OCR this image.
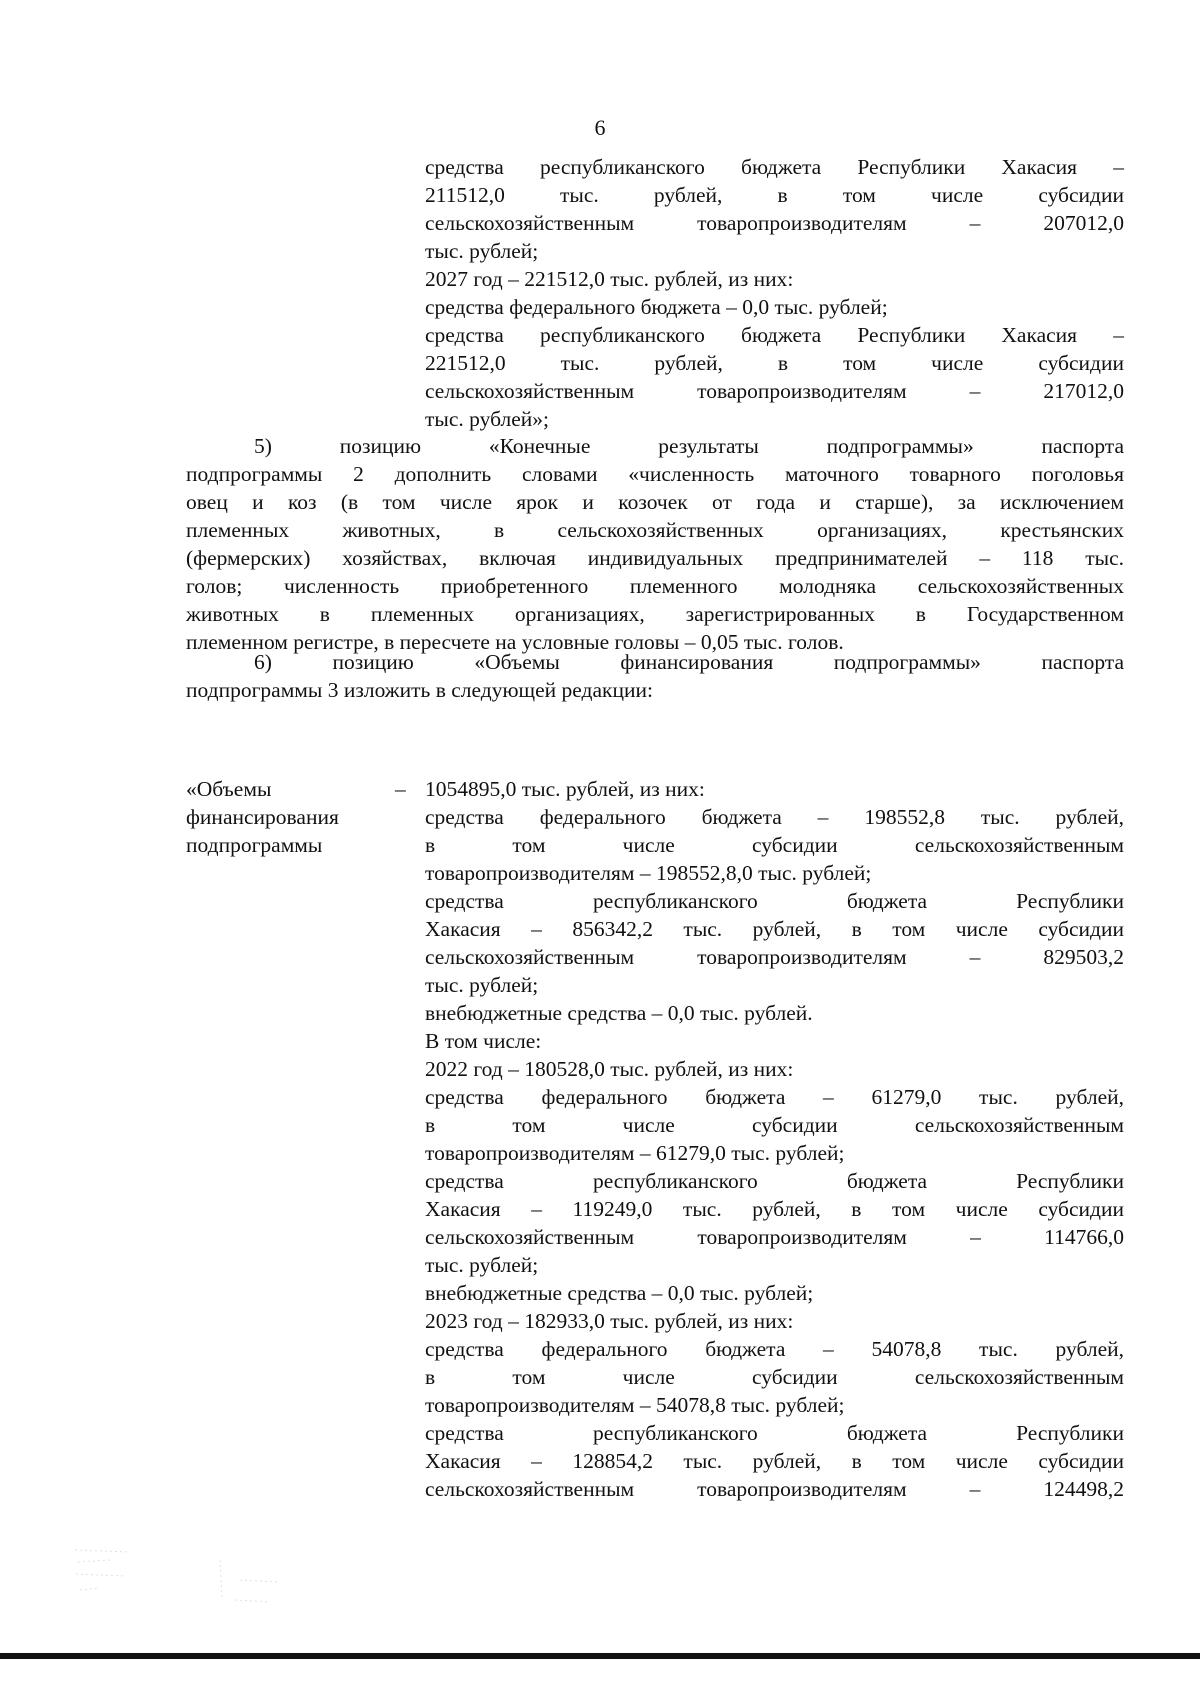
6
средства республиканского бюджета Республики Хакасия –
211512,0 тыс. рублей, в том числе субсидии
сельскохозяйственным товаропроизводителям – 207012,0
тыс. рублей;
2027 год – 221512,0 тыс. рублей, из них:
средства федерального бюджета – 0,0 тыс. рублей;
средства республиканского бюджета Республики Хакасия –
221512,0 тыс. рублей, в том числе субсидии
сельскохозяйственным товаропроизводителям – 217012,0
тыс. рублей»;
5) позицию «Конечные результаты подпрограммы» паспорта
подпрограммы 2 дополнить словами «численность маточного товарного поголовья
овец и коз (в том числе ярок и козочек от года и старше), за исключением
племенных животных, в сельскохозяйственных организациях, крестьянских
(фермерских) хозяйствах, включая индивидуальных предпринимателей – 118 тыс.
голов; численность приобретенного племенного молодняка сельскохозяйственных
животных в племенных организациях, зарегистрированных в Государственном
племенном регистре, в пересчете на условные головы – 0,05 тыс. голов.
6) позицию «Объемы финансирования подпрограммы» паспорта
подпрограммы 3 изложить в следующей редакции:
«Объемы
финансирования
подпрограммы
– 1054895,0 тыс. рублей, из них:
средства федерального бюджета – 198552,8 тыс. рублей,
в том числе субсидии сельскохозяйственным
товаропроизводителям – 198552,8,0 тыс. рублей;
средства республиканского бюджета Республики
Хакасия – 856342,2 тыс. рублей, в том числе субсидии
сельскохозяйственным товаропроизводителям – 829503,2
тыс. рублей;
внебюджетные средства – 0,0 тыс. рублей.
В том числе:
2022 год – 180528,0 тыс. рублей, из них:
средства федерального бюджета – 61279,0 тыс. рублей,
в том числе субсидии сельскохозяйственным
товаропроизводителям – 61279,0 тыс. рублей;
средства республиканского бюджета Республики
Хакасия – 119249,0 тыс. рублей, в том числе субсидии
сельскохозяйственным товаропроизводителям – 114766,0
тыс. рублей;
внебюджетные средства – 0,0 тыс. рублей;
2023 год – 182933,0 тыс. рублей, из них:
средства федерального бюджета – 54078,8 тыс. рублей,
в том числе субсидии сельскохозяйственным
товаропроизводителям – 54078,8 тыс. рублей;
средства республиканского бюджета Республики
Хакасия – 128854,2 тыс. рублей, в том числе субсидии
сельскохозяйственным товаропроизводителям – 124498,2
